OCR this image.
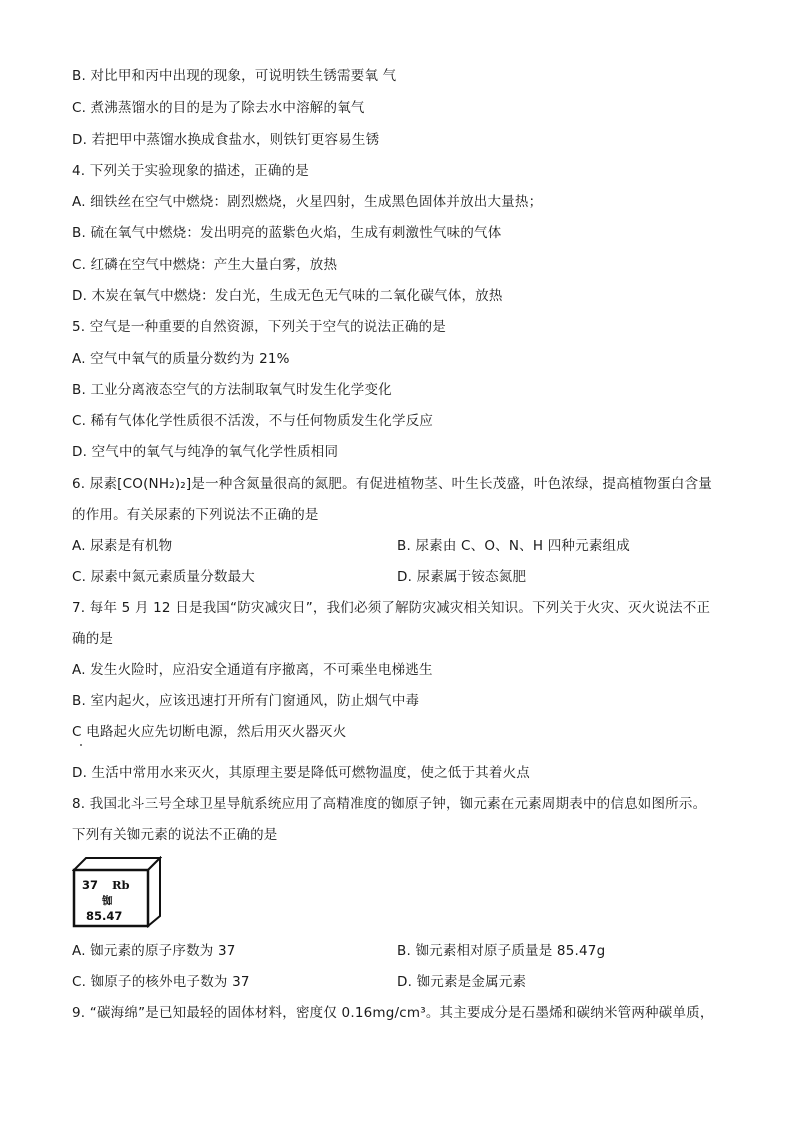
B. 对比甲和丙中出现的现象，可说明铁生锈需要氧 气
C. 煮沸蒸馏水的目的是为了除去水中溶解的氧气
D. 若把甲中蒸馏水换成食盐水，则铁钉更容易生锈
4. 下列关于实验现象的描述，正确的是
A. 细铁丝在空气中燃烧：剧烈燃烧，火星四射，生成黑色固体并放出大量热；
B. 硫在氧气中燃烧：发出明亮的蓝紫色火焰，生成有刺激性气味的气体
C. 红磷在空气中燃烧：产生大量白雾，放热
D. 木炭在氧气中燃烧：发白光，生成无色无气味的二氧化碳气体，放热
5. 空气是一种重要的自然资源，下列关于空气的说法正确的是
A. 空气中氧气的质量分数约为 21%
B. 工业分离液态空气的方法制取氧气时发生化学变化
C. 稀有气体化学性质很不活泼，不与任何物质发生化学反应
D. 空气中的氧气与纯净的氧气化学性质相同
6. 尿素[CO(NH₂)₂]是一种含氮量很高的氮肥。有促进植物茎、叶生长茂盛，叶色浓绿，提高植物蛋白含量
的作用。有关尿素的下列说法不正确的是
A. 尿素是有机物	B. 尿素由 C、O、N、H 四种元素组成
C. 尿素中氮元素质量分数最大	D. 尿素属于铵态氮肥
7. 每年 5 月 12 日是我国“防灾减灾日”，我们必须了解防灾减灾相关知识。下列关于火灾、灭火说法不正
确的是
A. 发生火险时，应沿安全通道有序撤离，不可乘坐电梯逃生
B. 室内起火，应该迅速打开所有门窗通风，防止烟气中毒
C 电路起火应先切断电源，然后用灭火器灭火
D. 生活中常用水来灭火，其原理主要是降低可燃物温度，使之低于其着火点
8. 我国北斗三号全球卫星导航系统应用了高精准度的铷原子钟，铷元素在元素周期表中的信息如图所示。
下列有关铷元素的说法不正确的是
37 Rb
铷
85.47
A. 铷元素的原子序数为 37	B. 铷元素相对原子质量是 85.47g
C. 铷原子的核外电子数为 37	D. 铷元素是金属元素
9. “碳海绵”是已知最轻的固体材料，密度仅 0.16mg/cm³。其主要成分是石墨烯和碳纳米管两种碳单质，
